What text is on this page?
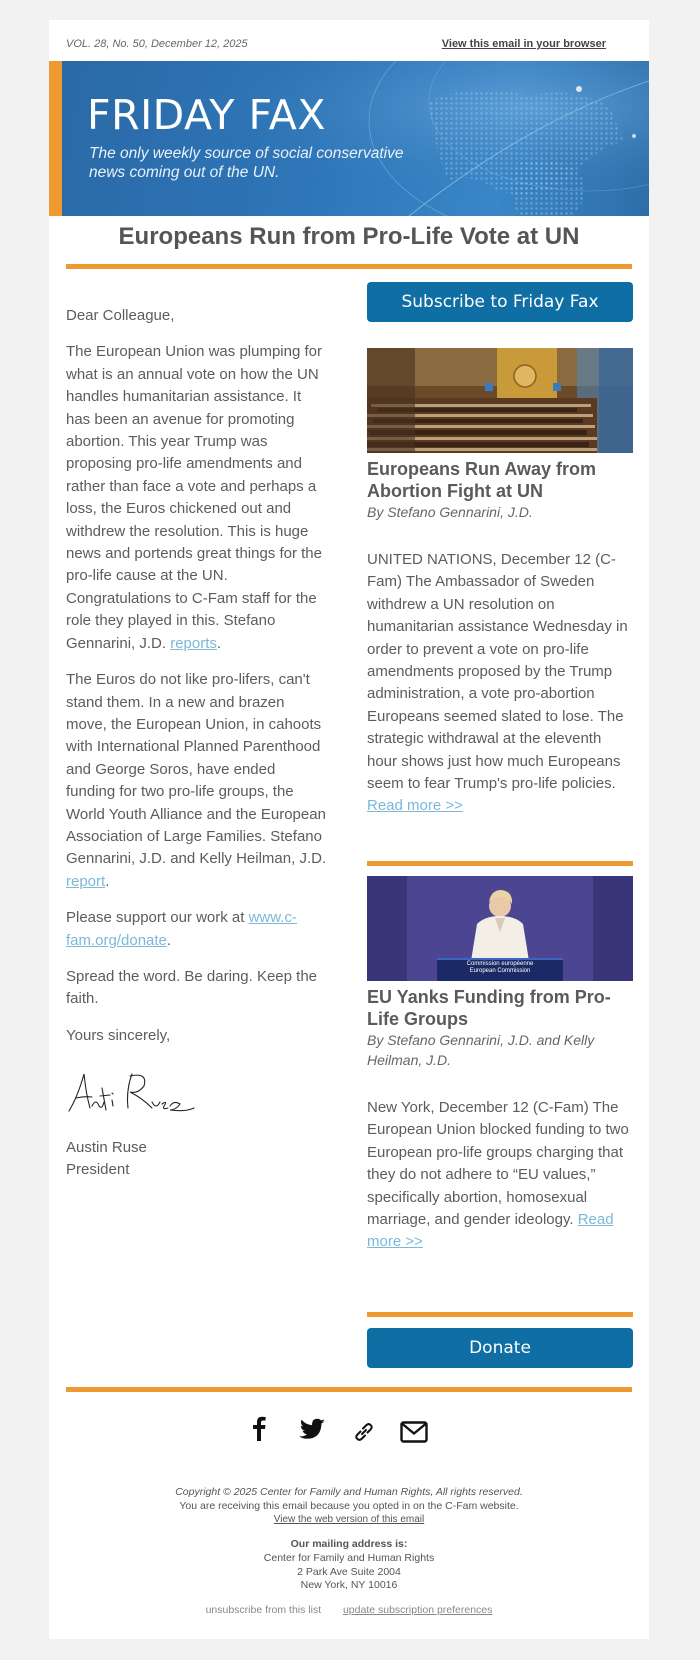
VOL. 28, No. 50, December 12, 2025	View this email in your browser
FRIDAY FAX
The only weekly source of social conservative news coming out of the UN.
Europeans Run from Pro-Life Vote at UN

Dear Colleague,

The European Union was plumping for what is an annual vote on how the UN handles humanitarian assistance. It has been an avenue for promoting abortion. This year Trump was proposing pro-life amendments and rather than face a vote and perhaps a loss, the Euros chickened out and withdrew the resolution. This is huge news and portends great things for the pro-life cause at the UN. Congratulations to C-Fam staff for the role they played in this. Stefano Gennarini, J.D. reports.

The Euros do not like pro-lifers, can't stand them. In a new and brazen move, the European Union, in cahoots with International Planned Parenthood and George Soros, have ended funding for two pro-life groups, the World Youth Alliance and the European Association of Large Families. Stefano Gennarini, J.D. and Kelly Heilman, J.D. report.

Please support our work at www.c-fam.org/donate.

Spread the word. Be daring. Keep the faith.

Yours sincerely,

Austin Ruse
President
Subscribe to Friday Fax
Europeans Run Away from Abortion Fight at UN
By Stefano Gennarini, J.D.
UNITED NATIONS, December 12 (C-Fam) The Ambassador of Sweden withdrew a UN resolution on humanitarian assistance Wednesday in order to prevent a vote on pro-life amendments proposed by the Trump administration, a vote pro-abortion Europeans seemed slated to lose. The strategic withdrawal at the eleventh hour shows just how much Europeans seem to fear Trump's pro-life policies. Read more >>
Commission européenne
European Commission
EU Yanks Funding from Pro-Life Groups
By Stefano Gennarini, J.D. and Kelly Heilman, J.D.
New York, December 12 (C-Fam) The European Union blocked funding to two European pro-life groups charging that they do not adhere to “EU values,” specifically abortion, homosexual marriage, and gender ideology. Read more >>
Donate
Copyright © 2025 Center for Family and Human Rights, All rights reserved.
You are receiving this email because you opted in on the C-Fam website.
View the web version of this email
Our mailing address is:
Center for Family and Human Rights
2 Park Ave Suite 2004
New York, NY 10016
unsubscribe from this list update subscription preferences
